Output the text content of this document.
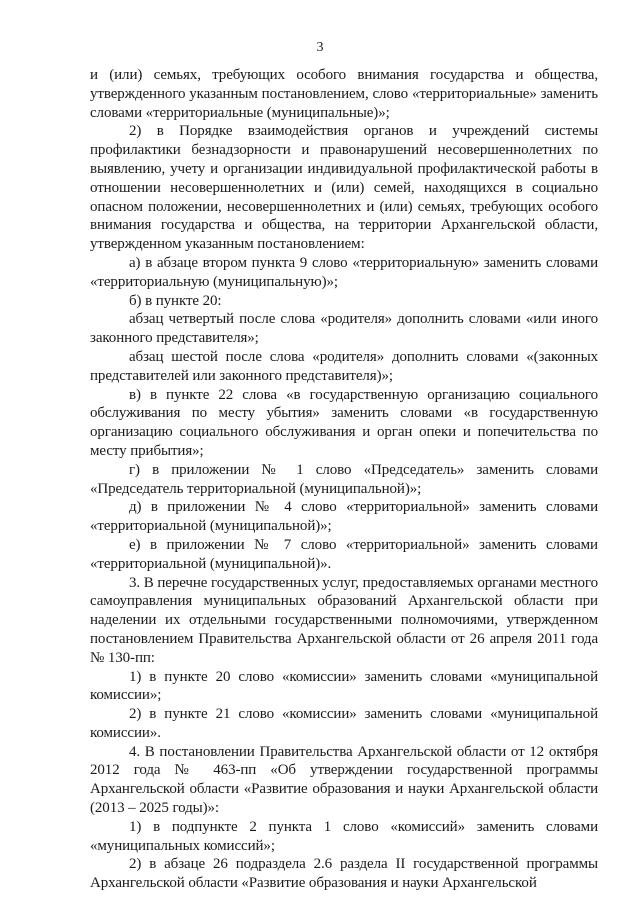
3

и (или) семьях, требующих особого внимания государства и общества, утвержденного указанным постановлением, слово «территориальные» заменить словами «территориальные (муниципальные)»;

2) в Порядке взаимодействия органов и учреждений системы профилактики безнадзорности и правонарушений несовершеннолетних по выявлению, учету и организации индивидуальной профилактической работы в отношении несовершеннолетних и (или) семей, находящихся в социально опасном положении, несовершеннолетних и (или) семьях, требующих особого внимания государства и общества, на территории Архангельской области, утвержденном указанным постановлением:

а) в абзаце втором пункта 9 слово «территориальную» заменить словами «территориальную (муниципальную)»;

б) в пункте 20:

абзац четвертый после слова «родителя» дополнить словами «или иного законного представителя»;

абзац шестой после слова «родителя» дополнить словами «(законных представителей или законного представителя)»;

в) в пункте 22 слова «в государственную организацию социального обслуживания по месту убытия» заменить словами «в государственную организацию социального обслуживания и орган опеки и попечительства по месту прибытия»;

г) в приложении № 1 слово «Председатель» заменить словами «Председатель территориальной (муниципальной)»;

д) в приложении № 4 слово «территориальной» заменить словами «территориальной (муниципальной)»;

е) в приложении № 7 слово «территориальной» заменить словами «территориальной (муниципальной)».

3. В перечне государственных услуг, предоставляемых органами местного самоуправления муниципальных образований Архангельской области при наделении их отдельными государственными полномочиями, утвержденном постановлением Правительства Архангельской области от 26 апреля 2011 года № 130-пп:

1) в пункте 20 слово «комиссии» заменить словами «муниципальной комиссии»;

2) в пункте 21 слово «комиссии» заменить словами «муниципальной комиссии».

4. В постановлении Правительства Архангельской области от 12 октября 2012 года № 463-пп «Об утверждении государственной программы Архангельской области «Развитие образования и науки Архангельской области (2013 – 2025 годы)»:

1) в подпункте 2 пункта 1 слово «комиссий» заменить словами «муниципальных комиссий»;

2) в абзаце 26 подраздела 2.6 раздела II государственной программы Архангельской области «Развитие образования и науки Архангельской
